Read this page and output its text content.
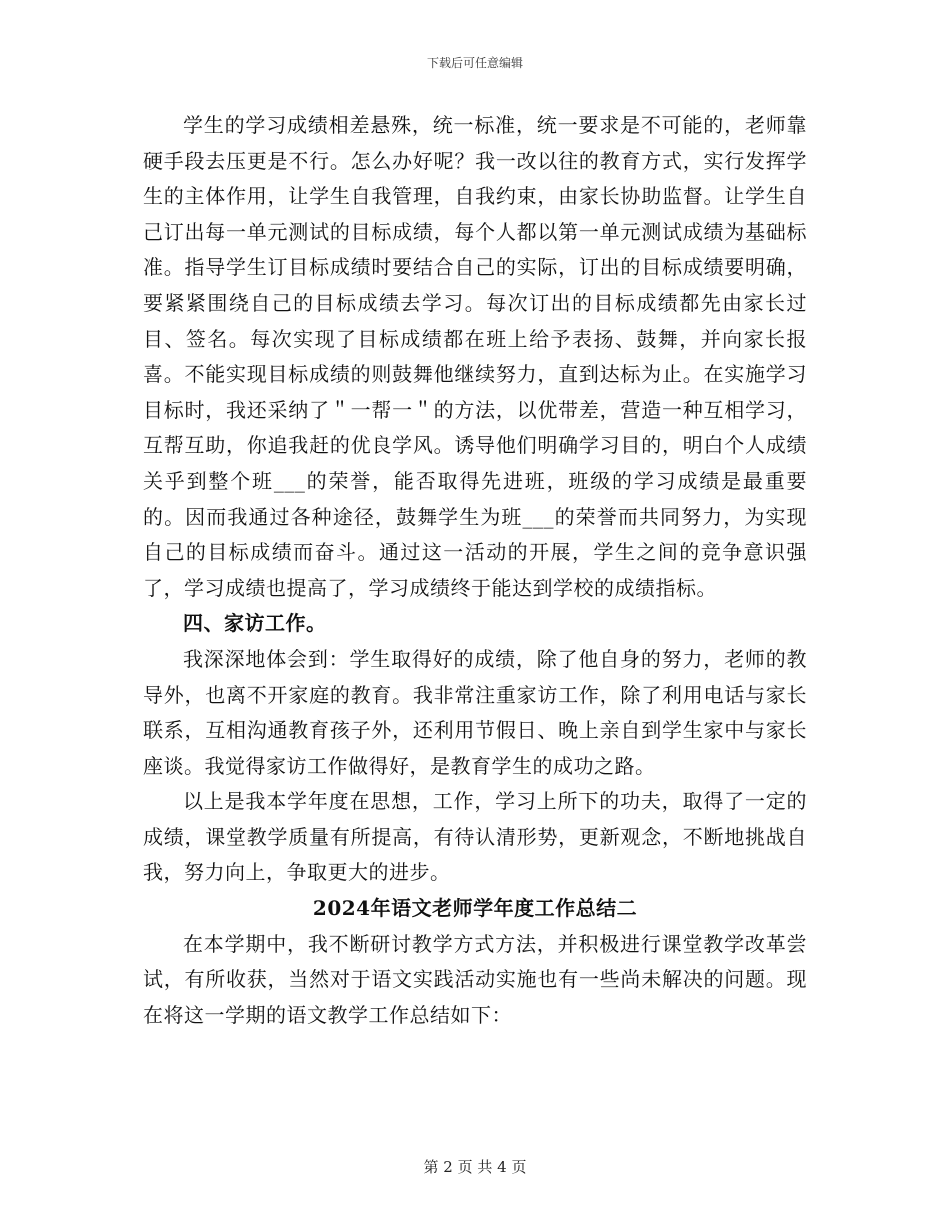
下载后可任意编辑

学生的学习成绩相差悬殊，统一标准，统一要求是不可能的，老师靠硬手段去压更是不行。怎么办好呢？我一改以往的教育方式，实行发挥学生的主体作用，让学生自我管理，自我约束，由家长协助监督。让学生自己订出每一单元测试的目标成绩，每个人都以第一单元测试成绩为基础标准。指导学生订目标成绩时要结合自己的实际，订出的目标成绩要明确，要紧紧围绕自己的目标成绩去学习。每次订出的目标成绩都先由家长过目、签名。每次实现了目标成绩都在班上给予表扬、鼓舞，并向家长报喜。不能实现目标成绩的则鼓舞他继续努力，直到达标为止。在实施学习目标时，我还采纳了＂一帮一＂的方法，以优带差，营造一种互相学习，互帮互助，你追我赶的优良学风。诱导他们明确学习目的，明白个人成绩关乎到整个班___的荣誉，能否取得先进班，班级的学习成绩是最重要的。因而我通过各种途径，鼓舞学生为班___的荣誉而共同努力，为实现自己的目标成绩而奋斗。通过这一活动的开展，学生之间的竞争意识强了，学习成绩也提高了，学习成绩终于能达到学校的成绩指标。

四、家访工作。

我深深地体会到：学生取得好的成绩，除了他自身的努力，老师的教导外，也离不开家庭的教育。我非常注重家访工作，除了利用电话与家长联系，互相沟通教育孩子外，还利用节假日、晚上亲自到学生家中与家长座谈。我觉得家访工作做得好，是教育学生的成功之路。

以上是我本学年度在思想，工作，学习上所下的功夫，取得了一定的成绩，课堂教学质量有所提高，有待认清形势，更新观念，不断地挑战自我，努力向上，争取更大的进步。

2024年语文老师学年度工作总结二

在本学期中，我不断研讨教学方式方法，并积极进行课堂教学改革尝试，有所收获，当然对于语文实践活动实施也有一些尚未解决的问题。现在将这一学期的语文教学工作总结如下：

第 2 页 共 4 页
